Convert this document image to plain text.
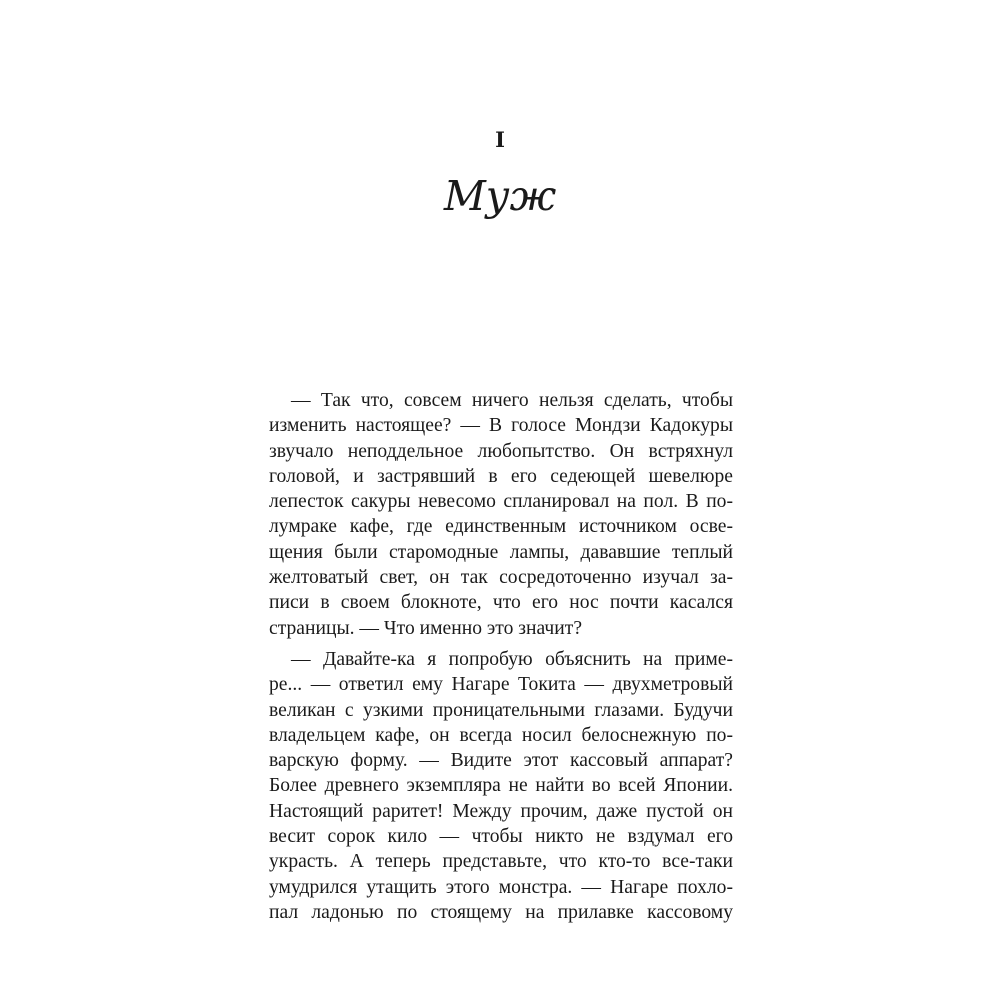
I
Муж

— Так что, совсем ничего нельзя сделать, чтобы
изменить настоящее? — В голосе Мондзи Кадокуры
звучало неподдельное любопытство. Он встряхнул
головой, и застрявший в его седеющей шевелюре
лепесток сакуры невесомо спланировал на пол. В по-
лумраке кафе, где единственным источником осве-
щения были старомодные лампы, дававшие теплый
желтоватый свет, он так сосредоточенно изучал за-
писи в своем блокноте, что его нос почти касался
страницы. — Что именно это значит?

— Давайте-ка я попробую объяснить на приме-
ре... — ответил ему Нагаре Токита — двухметровый
великан с узкими проницательными глазами. Будучи
владельцем кафе, он всегда носил белоснежную по-
варскую форму. — Видите этот кассовый аппарат?
Более древнего экземпляра не найти во всей Японии.
Настоящий раритет! Между прочим, даже пустой он
весит сорок кило — чтобы никто не вздумал его
украсть. А теперь представьте, что кто-то все-таки
умудрился утащить этого монстра. — Нагаре похло-
пал ладонью по стоящему на прилавке кассовому
